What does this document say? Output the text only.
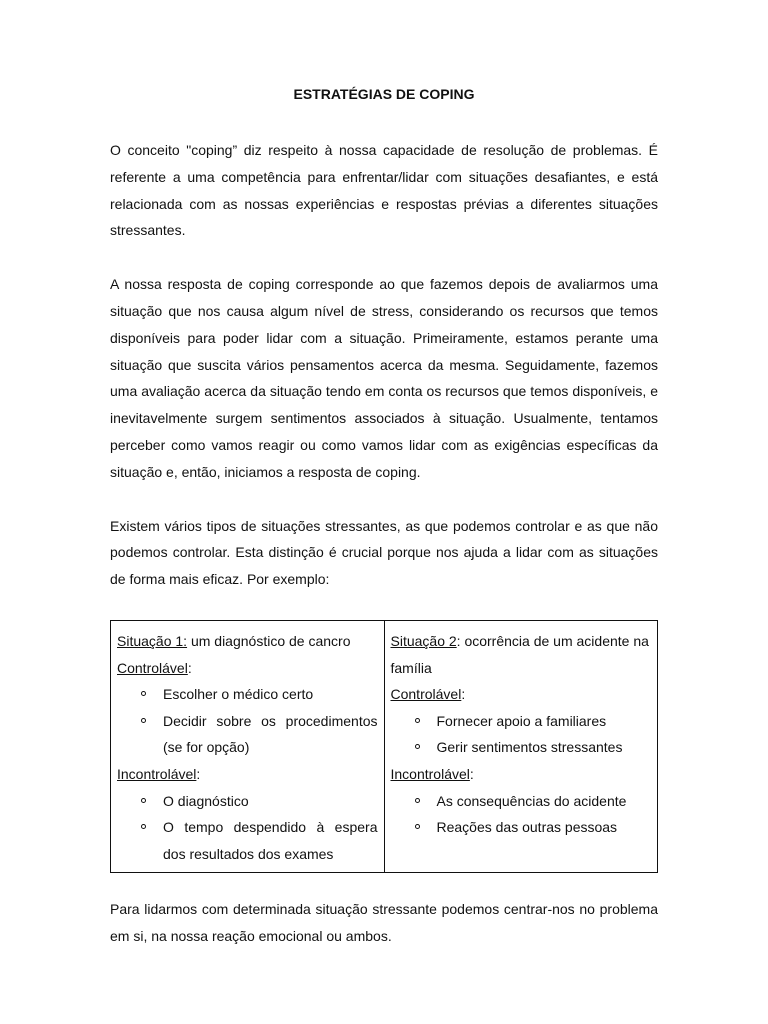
ESTRATÉGIAS DE COPING

O conceito "coping” diz respeito à nossa capacidade de resolução de problemas. É referente a uma competência para enfrentar/lidar com situações desafiantes, e está relacionada com as nossas experiências e respostas prévias a diferentes situações stressantes.

A nossa resposta de coping corresponde ao que fazemos depois de avaliarmos uma situação que nos causa algum nível de stress, considerando os recursos que temos disponíveis para poder lidar com a situação. Primeiramente, estamos perante uma situação que suscita vários pensamentos acerca da mesma. Seguidamente, fazemos uma avaliação acerca da situação tendo em conta os recursos que temos disponíveis, e inevitavelmente surgem sentimentos associados à situação. Usualmente, tentamos perceber como vamos reagir ou como vamos lidar com as exigências específicas da situação e, então, iniciamos a resposta de coping.

Existem vários tipos de situações stressantes, as que podemos controlar e as que não podemos controlar. Esta distinção é crucial porque nos ajuda a lidar com as situações de forma mais eficaz. Por exemplo:

Situação 1: um diagnóstico de cancro
Controlável:
Escolher o médico certo
Decidir sobre os procedimentos (se for opção)
Incontrolável:
O diagnóstico
O tempo despendido à espera dos resultados dos exames

Situação 2: ocorrência de um acidente na família
Controlável:
Fornecer apoio a familiares
Gerir sentimentos stressantes
Incontrolável:
As consequências do acidente
Reações das outras pessoas

Para lidarmos com determinada situação stressante podemos centrar-nos no problema em si, na nossa reação emocional ou ambos.
